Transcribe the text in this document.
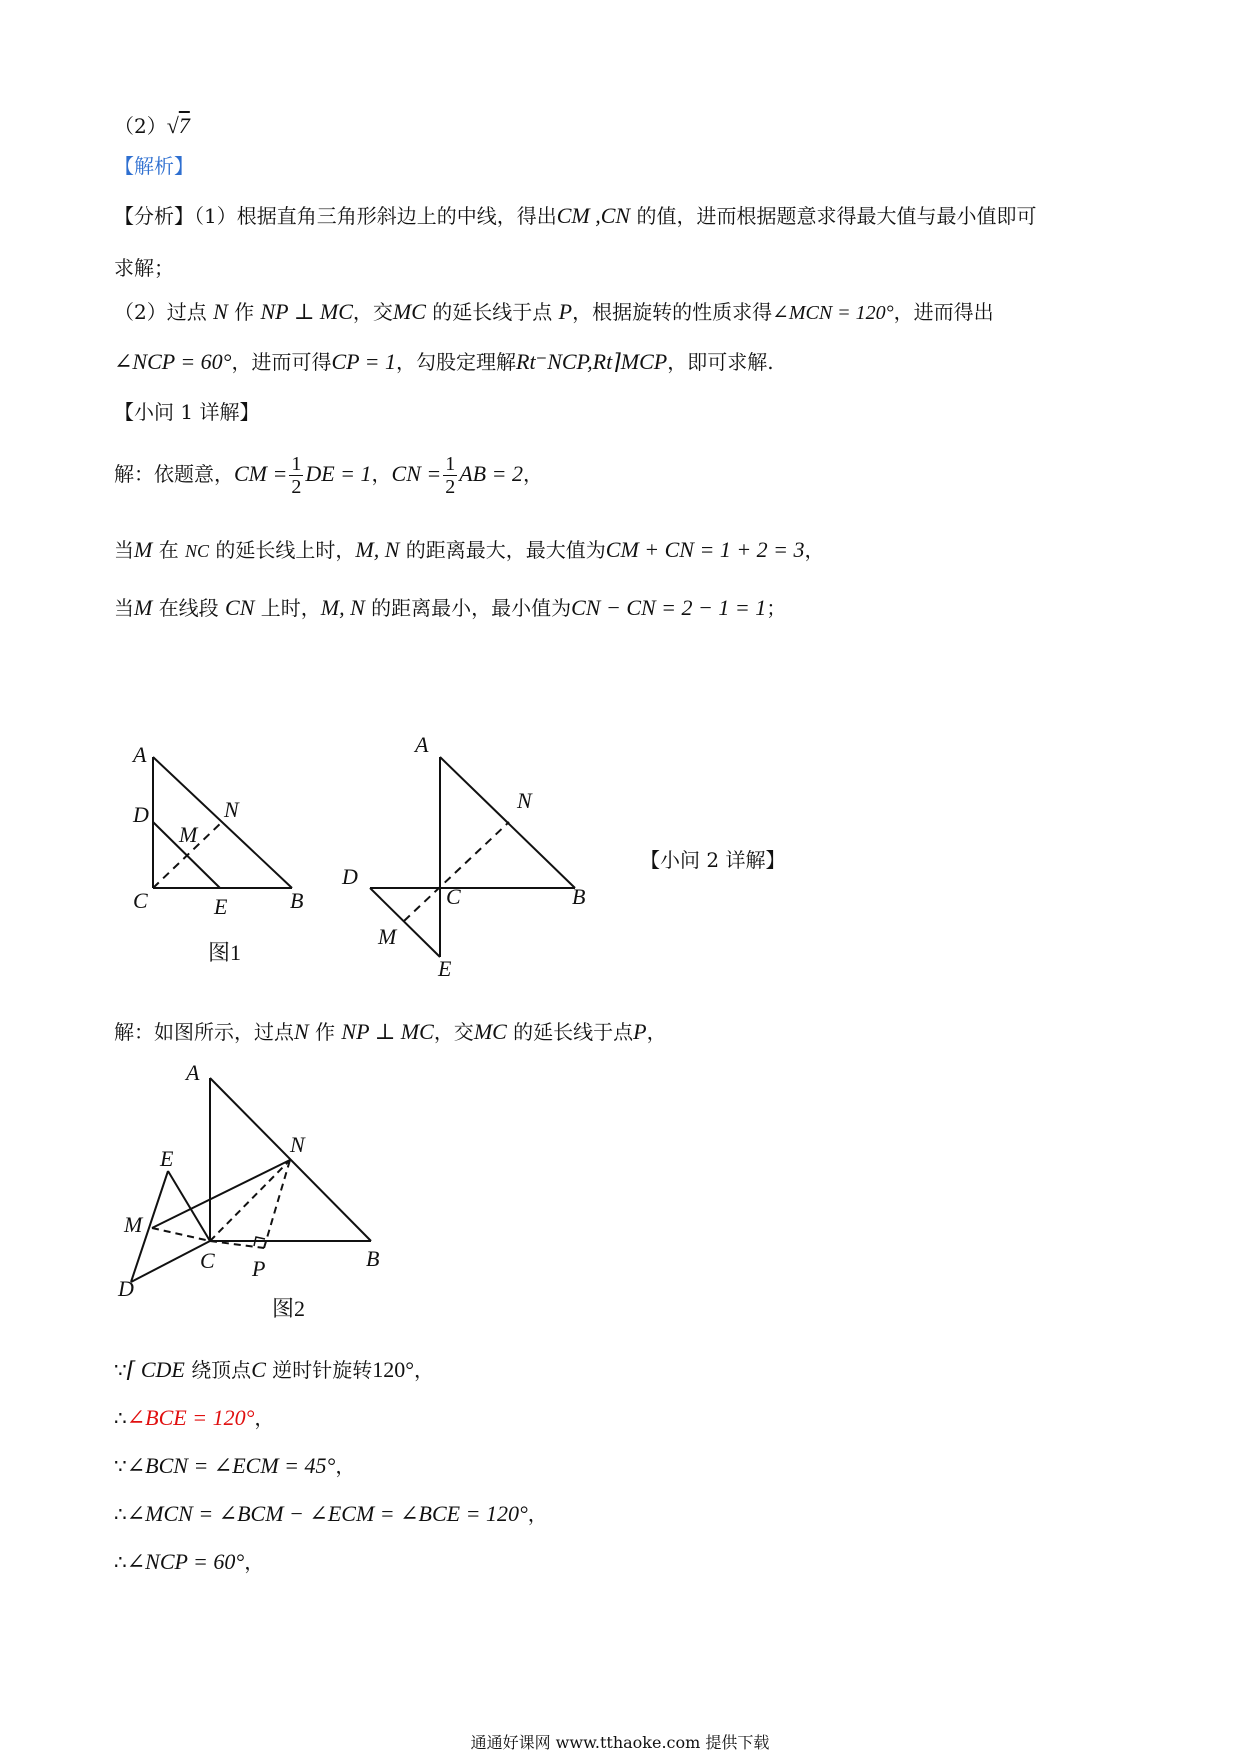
（2）√7
【解析】
【分析】（1）根据直角三角形斜边上的中线，得出CM ,CN 的值，进而根据题意求得最大值与最小值即可
求解；
（2）过点 N 作 NP ⊥ MC，交MC 的延长线于点 P，根据旋转的性质求得∠MCN = 120°，进而得出
∠NCP = 60°，进而可得CP = 1，勾股定理解Rt⁻NCP,Rt⌉MCP，即可求解.
【小问 1 详解】
解：依题意，CM = $\frac{1}{2}$ DE = 1，CN = $\frac{1}{2}$ AB = 2，
当M 在 NC 的延长线上时，M, N 的距离最大，最大值为CM + CN = 1 + 2 = 3，
当M 在线段 CN 上时，M, N 的距离最小，最小值为CN − CN = 2 − 1 = 1；
A
D	N
M
C	E	B
图1
A
N
D
C	B
M
E
A
N
E
M
C P
D
B
图2
【小问 2 详解】
解：如图所示，过点N 作 NP ⊥ MC，交MC 的延长线于点P，
∵⌈ CDE 绕顶点C 逆时针旋转120°，
∴∠BCE = 120°，
∵∠BCN = ∠ECM = 45°，
∴∠MCN = ∠BCM − ∠ECM = ∠BCE = 120°，
∴∠NCP = 60°，
通通好课网 www.tthaoke.com 提供下载
